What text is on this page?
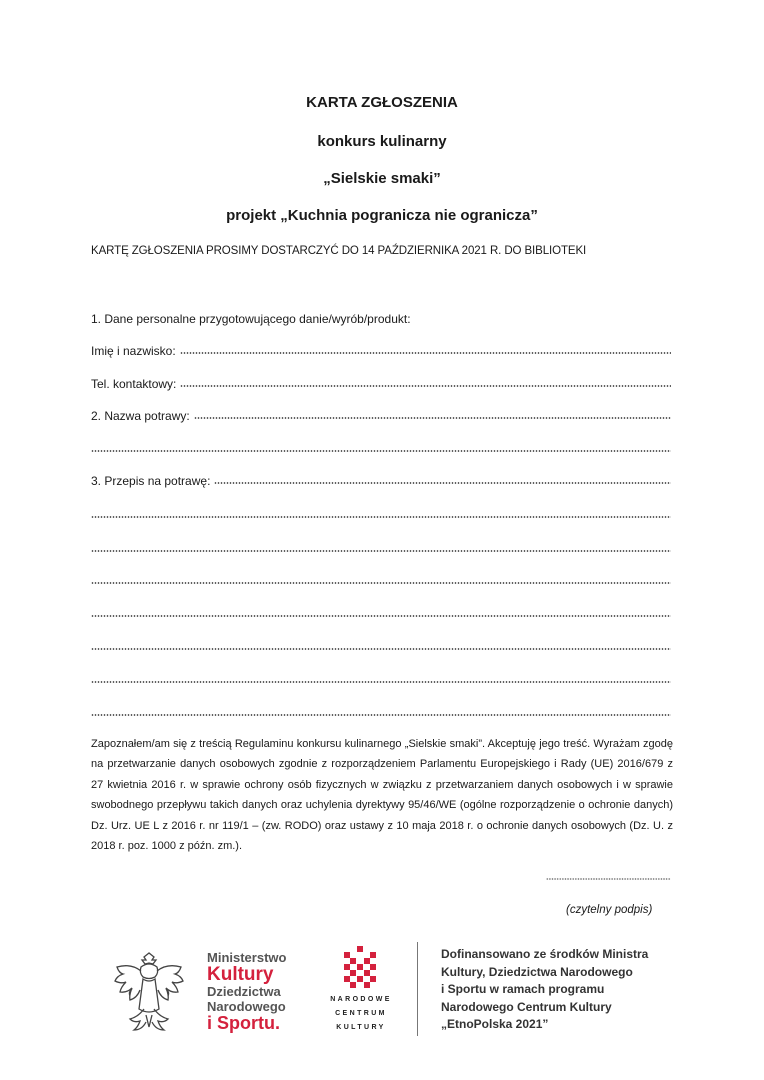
KARTA ZGŁOSZENIA
konkurs kulinarny
„Sielskie smaki”
projekt „Kuchnia pogranicza nie ogranicza”
KARTĘ ZGŁOSZENIA PROSIMY DOSTARCZYĆ DO 14 PAŹDZIERNIKA 2021 R. DO BIBLIOTEKI
1. Dane personalne przygotowującego danie/wyrób/produkt:
Imię i nazwisko:
Tel. kontaktowy:
2. Nazwa potrawy:
3. Przepis na potrawę:
Zapoznałem/am się z treścią Regulaminu konkursu kulinarnego „Sielskie smaki”. Akceptuję jego treść. Wyrażam zgodę na przetwarzanie danych osobowych zgodnie z rozporządzeniem Parlamentu Europejskiego i Rady (UE) 2016/679 z 27 kwietnia 2016 r. w sprawie ochrony osób fizycznych w związku z przetwarzaniem danych osobowych i w sprawie swobodnego przepływu takich danych oraz uchylenia dyrektywy 95/46/WE (ogólne rozporządzenie o ochronie danych) Dz. Urz. UE L z 2016 r. nr 119/1 – (zw. RODO) oraz ustawy z 10 maja 2018 r. o ochronie danych osobowych (Dz. U. z 2018 r. poz. 1000 z późn. zm.).
(czytelny podpis)
Ministerstwo
Kultury
Dziedzictwa
Narodowego
i Sportu.
NARODOWE
CENTRUM
KULTURY
Dofinansowano ze środków Ministra
Kultury, Dziedzictwa Narodowego
i Sportu w ramach programu
Narodowego Centrum Kultury
„EtnoPolska 2021”
